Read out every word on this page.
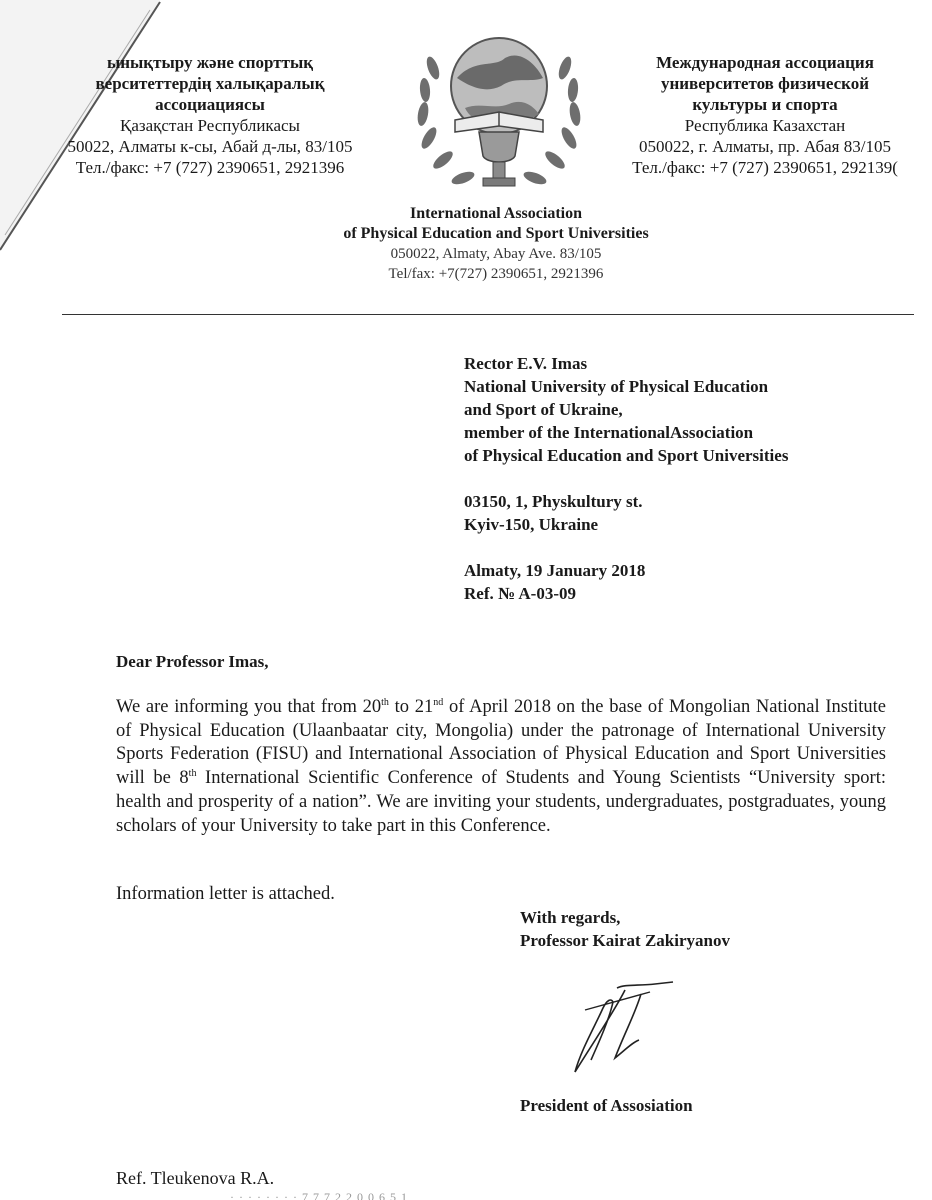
ынықтыру және спорттық
верситеттердің халықаралық
ассоциациясы
Қазақстан Республикасы
50022, Алматы к-сы, Абай д-лы, 83/105
Тел./факс: +7 (727) 2390651, 2921396
Международная ассоциация
университетов физической
культуры и спорта
Республика Казахстан
050022, г. Алматы, пр. Абая 83/105
Тел./факс: +7 (727) 2390651, 292139(
International Association
of Physical Education and Sport Universities
050022, Almaty, Abay Ave. 83/105
Tel/fax: +7(727) 2390651, 2921396
Rector E.V. Imas
National University of Physical Education
and Sport of Ukraine,
member of the InternationalAssociation
of Physical Education and Sport Universities
03150, 1, Physkultury st.
Kyiv-150, Ukraine
Almaty, 19 January 2018
Ref. № A-03-09
Dear Professor Imas,
We are informing you that from 20th to 21nd of April 2018 on the base of Mongolian National Institute of Physical Education (Ulaanbaatar city, Mongolia) under the patronage of International University Sports Federation (FISU) and International Association of Physical Education and Sport Universities will be 8th International Scientific Conference of Students and Young Scientists “University sport: health and prosperity of a nation”. We are inviting your students, undergraduates, postgraduates, young scholars of your University to take part in this Conference.
Information letter is attached.
With regards,
Professor Kairat Zakiryanov
President of Assosiation
Ref. Tleukenova R.A.
· · · · · · · · 7 7 7 2 2 0 0 6 5 1
